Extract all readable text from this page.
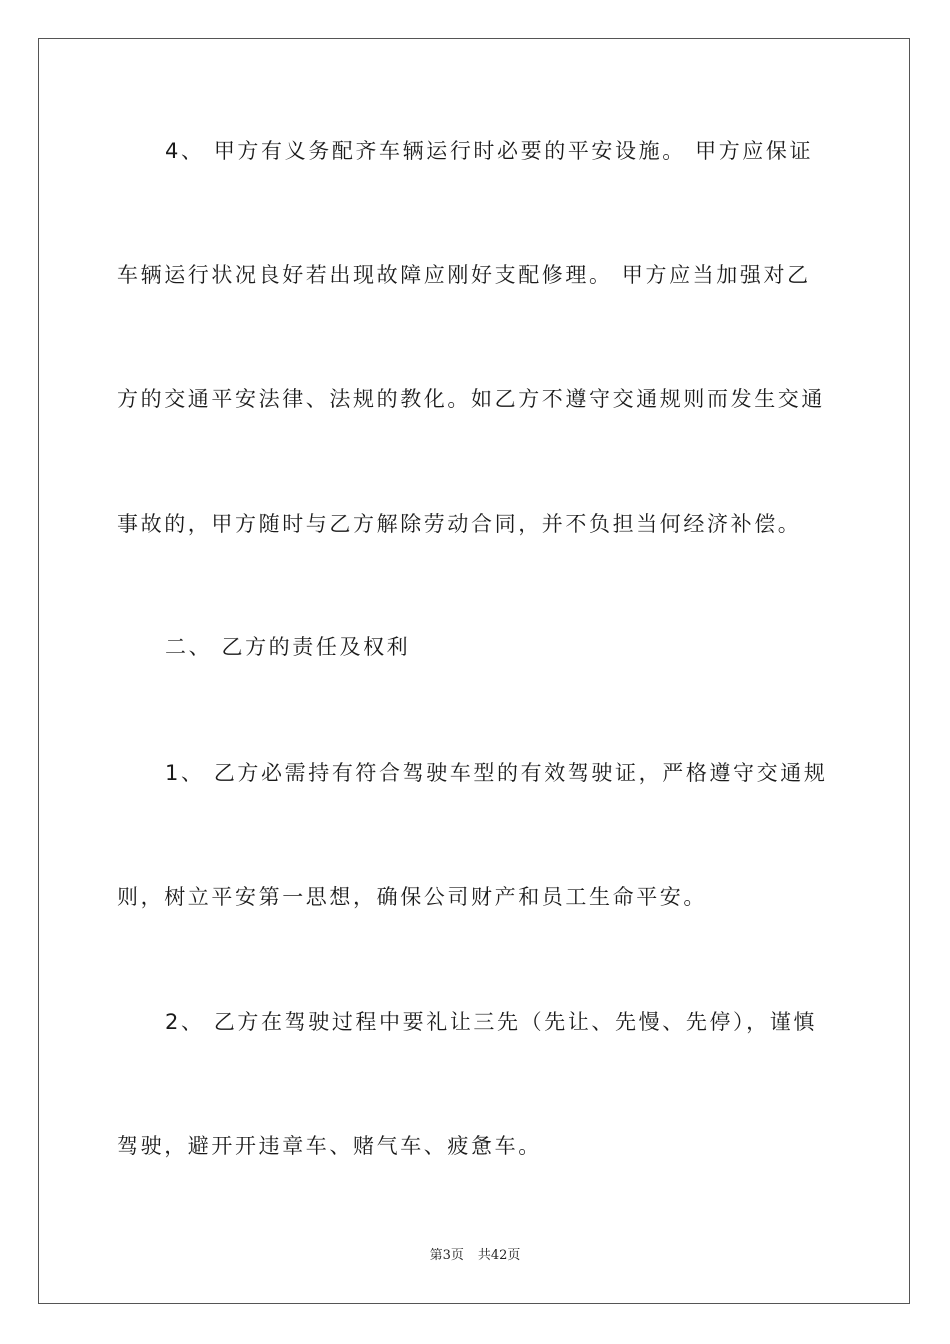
4、 甲方有义务配齐车辆运行时必要的平安设施。 甲方应保证
车辆运行状况良好若出现故障应刚好支配修理。 甲方应当加强对乙
方的交通平安法律、法规的教化。如乙方不遵守交通规则而发生交通
事故的，甲方随时与乙方解除劳动合同，并不负担当何经济补偿。
二、 乙方的责任及权利
1、 乙方必需持有符合驾驶车型的有效驾驶证，严格遵守交通规
则，树立平安第一思想，确保公司财产和员工生命平安。
2、 乙方在驾驶过程中要礼让三先（先让、先慢、先停），谨慎
驾驶，避开开违章车、赌气车、疲惫车。
第3页 共42页
